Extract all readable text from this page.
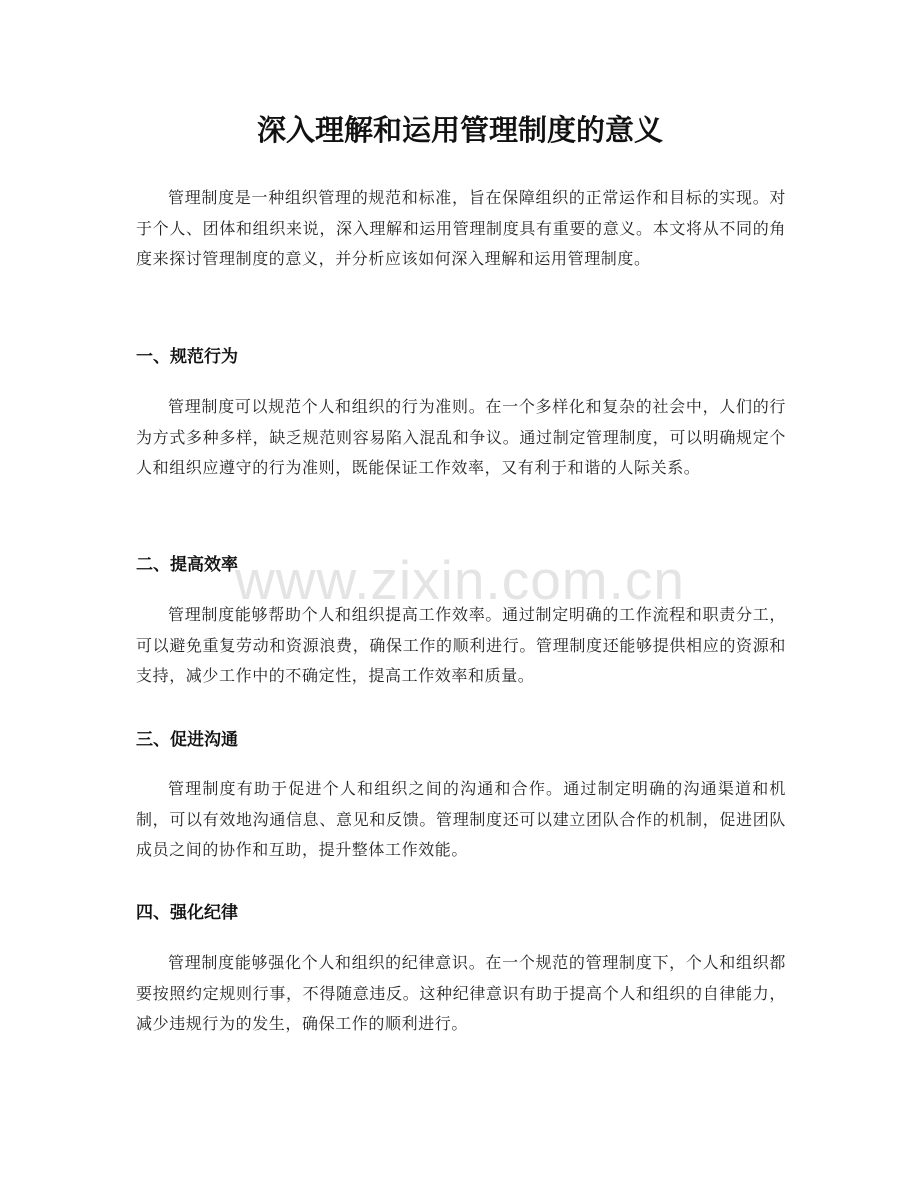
深入理解和运用管理制度的意义

管理制度是一种组织管理的规范和标准，旨在保障组织的正常运作和目标的实现。对于个人、团体和组织来说，深入理解和运用管理制度具有重要的意义。本文将从不同的角度来探讨管理制度的意义，并分析应该如何深入理解和运用管理制度。

一、规范行为

管理制度可以规范个人和组织的行为准则。在一个多样化和复杂的社会中，人们的行为方式多种多样，缺乏规范则容易陷入混乱和争议。通过制定管理制度，可以明确规定个人和组织应遵守的行为准则，既能保证工作效率，又有利于和谐的人际关系。

二、提高效率

管理制度能够帮助个人和组织提高工作效率。通过制定明确的工作流程和职责分工，可以避免重复劳动和资源浪费，确保工作的顺利进行。管理制度还能够提供相应的资源和支持，减少工作中的不确定性，提高工作效率和质量。

三、促进沟通

管理制度有助于促进个人和组织之间的沟通和合作。通过制定明确的沟通渠道和机制，可以有效地沟通信息、意见和反馈。管理制度还可以建立团队合作的机制，促进团队成员之间的协作和互助，提升整体工作效能。

四、强化纪律

管理制度能够强化个人和组织的纪律意识。在一个规范的管理制度下，个人和组织都要按照约定规则行事，不得随意违反。这种纪律意识有助于提高个人和组织的自律能力，减少违规行为的发生，确保工作的顺利进行。

www.zixin.com.cn
